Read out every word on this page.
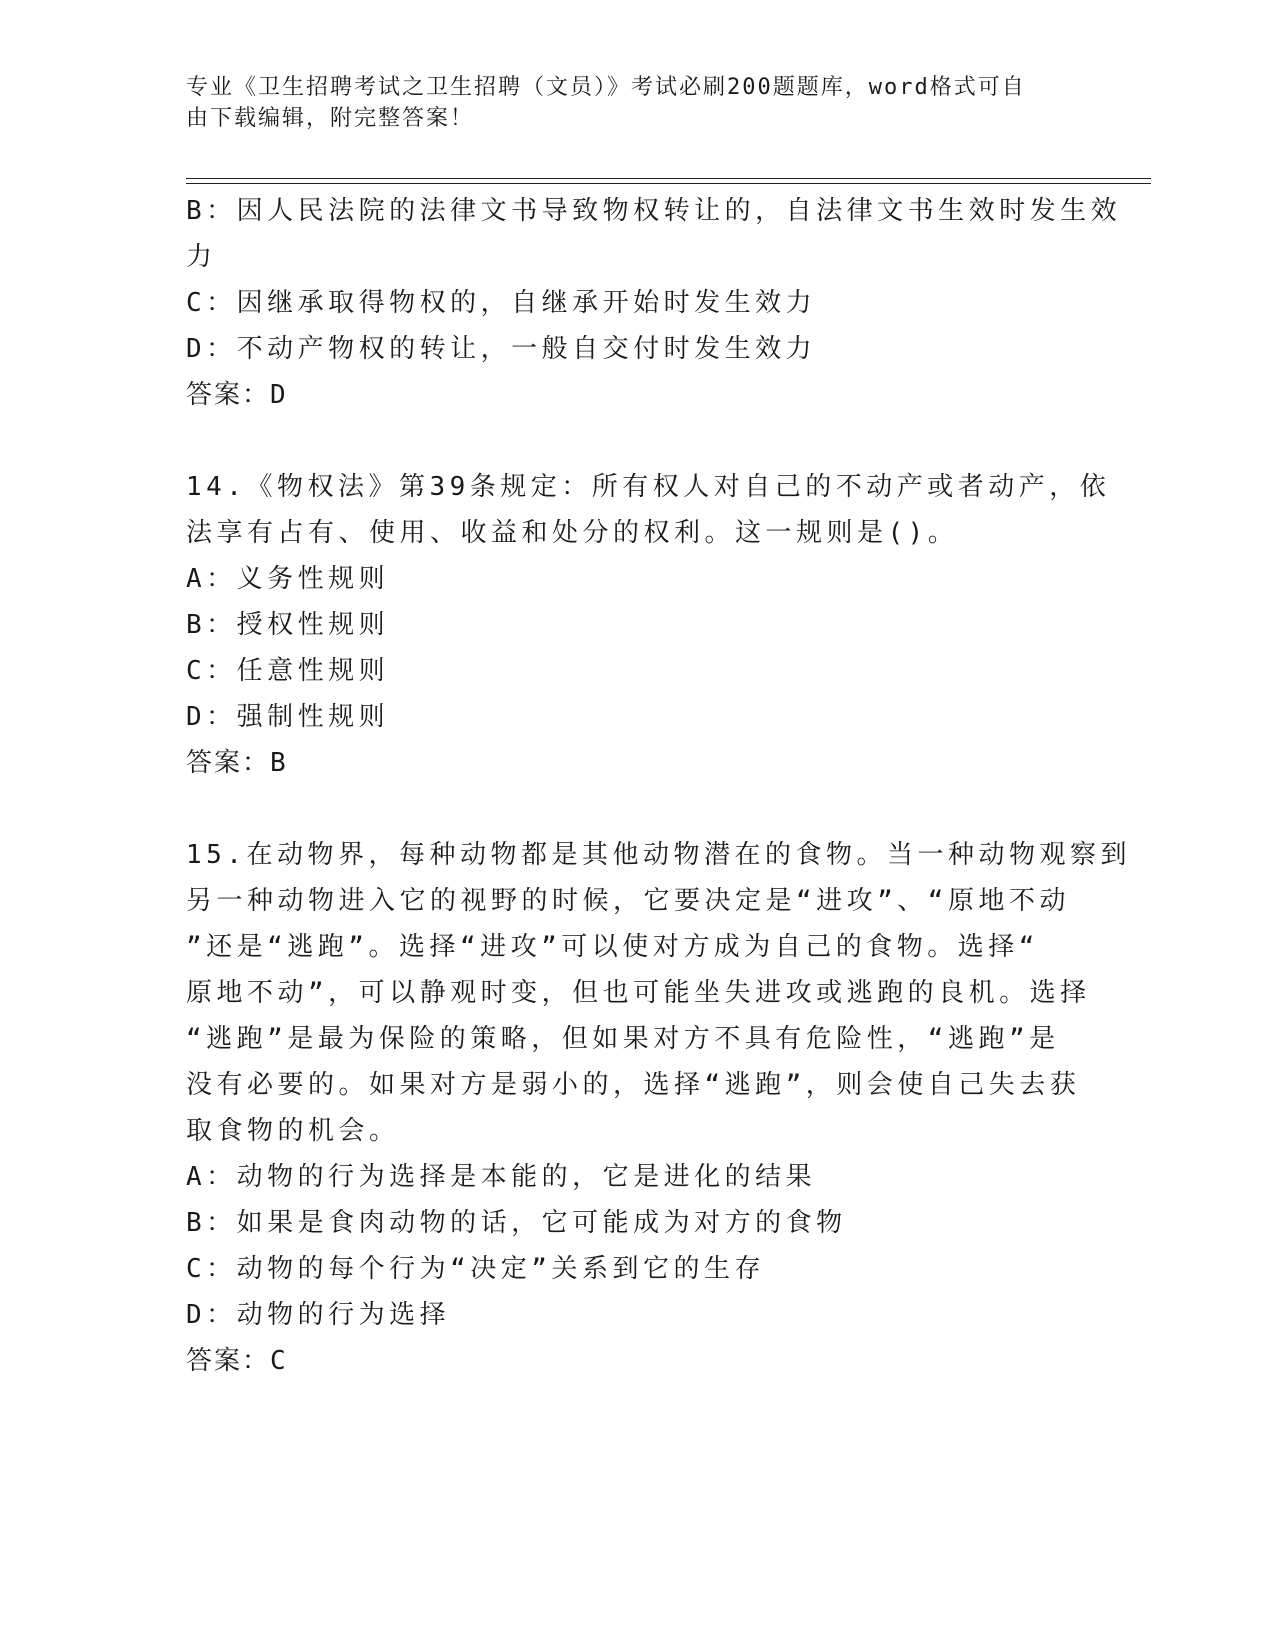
专业《卫生招聘考试之卫生招聘（文员）》考试必刷200题题库，word格式可自
由下载编辑，附完整答案！
B：因人民法院的法律文书导致物权转让的，自法律文书生效时发生效
力
C：因继承取得物权的，自继承开始时发生效力
D：不动产物权的转让，一般自交付时发生效力
答案：D
14.《物权法》第39条规定：所有权人对自己的不动产或者动产，依
法享有占有、使用、收益和处分的权利。这一规则是()。
A：义务性规则
B：授权性规则
C：任意性规则
D：强制性规则
答案：B
15.在动物界，每种动物都是其他动物潜在的食物。当一种动物观察到
另一种动物进入它的视野的时候，它要决定是“进攻”、“原地不动
”还是“逃跑”。选择“进攻”可以使对方成为自己的食物。选择“
原地不动”，可以静观时变，但也可能坐失进攻或逃跑的良机。选择
“逃跑”是最为保险的策略，但如果对方不具有危险性，“逃跑”是
没有必要的。如果对方是弱小的，选择“逃跑”，则会使自己失去获
取食物的机会。
A：动物的行为选择是本能的，它是进化的结果
B：如果是食肉动物的话，它可能成为对方的食物
C：动物的每个行为“决定”关系到它的生存
D：动物的行为选择
答案：C
